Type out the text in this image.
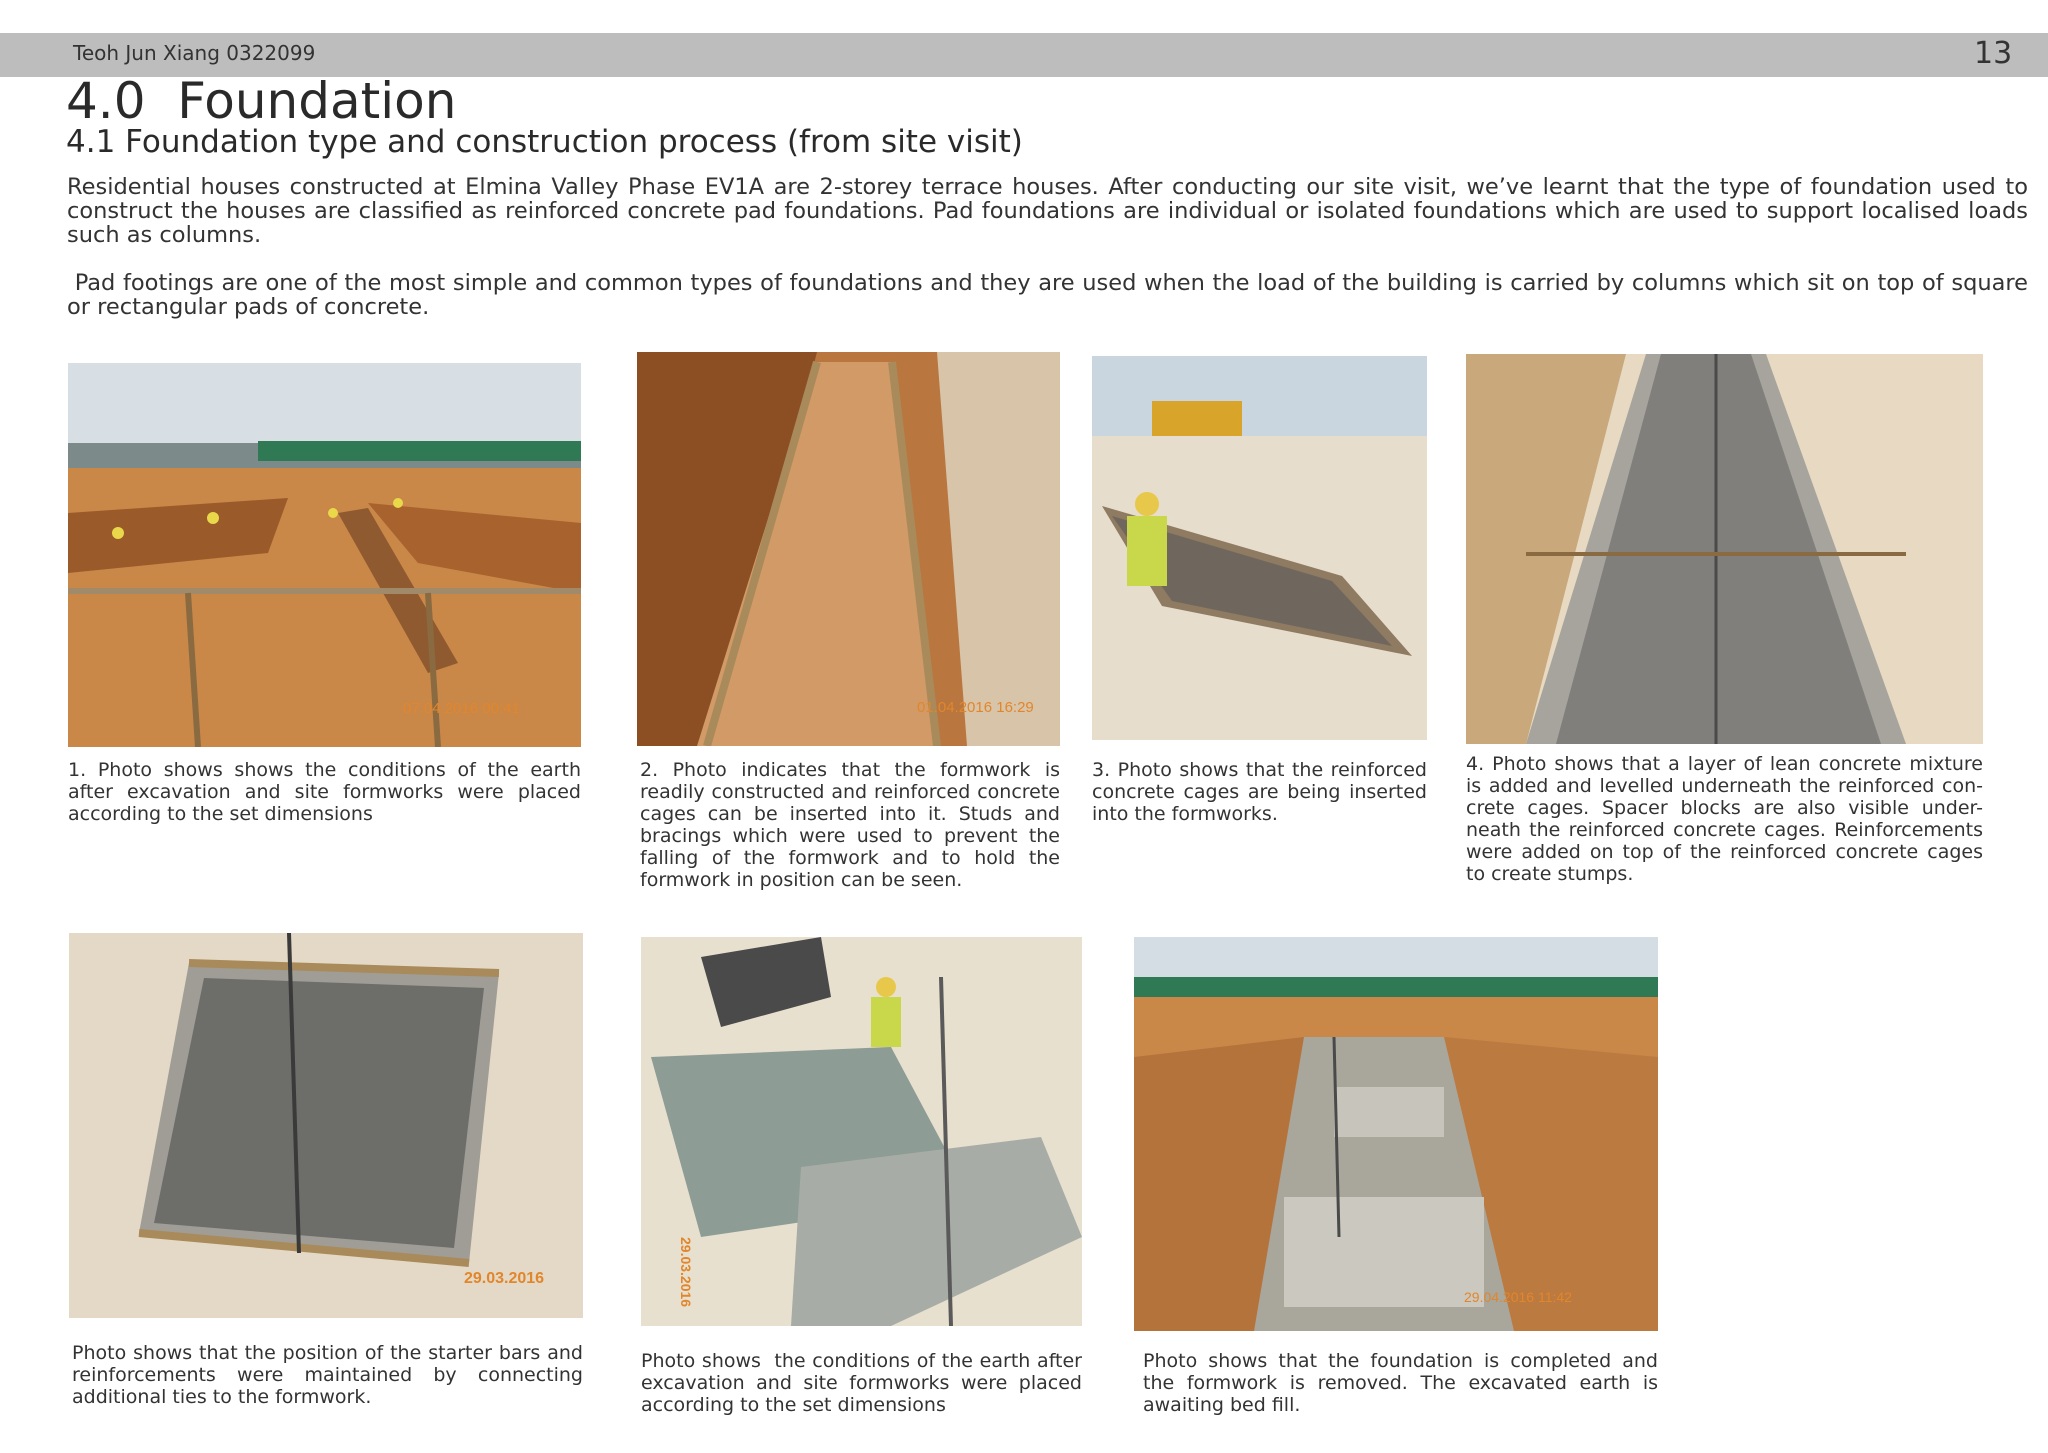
Teoh Jun Xiang 0322099	13
4.0  Foundation
4.1 Foundation type and construction process (from site visit)

Residential houses constructed at Elmina Valley Phase EV1A are 2-storey terrace houses. After conducting our site visit, we’ve learnt that the type of foundation used to construct the houses are classified as reinforced concrete pad foundations. Pad foundations are individual or isolated foundations which are used to support localised loads such as columns.

Pad footings are one of the most simple and common types of foundations and they are used when the load of the building is carried by columns which sit on top of square or rectangular pads of concrete.

07.04.2016 00:41	01.04.2016 16:29
29.03.2016	29.03.2016	29.04.2016 11:42

1. Photo shows shows the conditions of the earth after excavation and site formworks were placed according to the set dimensions

2. Photo indicates that the formwork is readily constructed and reinforced concrete cages can be inserted into it. Studs and bracings which were used to prevent the falling of the formwork and to hold the formwork in position can be seen.

3. Photo shows that the reinforced concrete cages are being inserted into the formworks.

4. Photo shows that a layer of lean concrete mixture is added and levelled underneath the reinforced con-crete cages. Spacer blocks are also visible under-neath the reinforced concrete cages. Reinforcements were added on top of the reinforced concrete cages to create stumps.

Photo shows that the position of the starter bars and reinforcements were maintained by connecting additional ties to the formwork.

Photo shows  the conditions of the earth after excavation and site formworks were placed according to the set dimensions

Photo shows that the foundation is completed and the formwork is removed. The excavated earth is awaiting bed fill.
